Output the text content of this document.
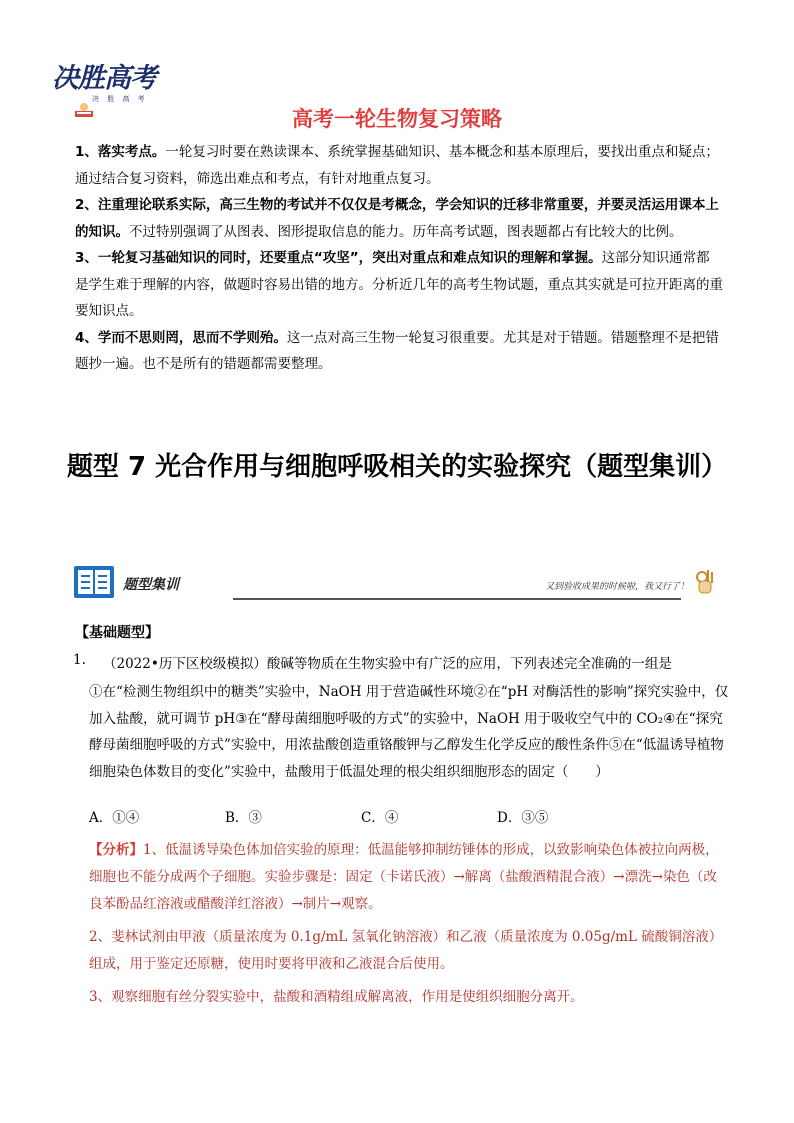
决胜高考
决 胜 高 考
高考一轮生物复习策略

1、落实考点。一轮复习时要在熟读课本、系统掌握基础知识、基本概念和基本原理后，要找出重点和疑点；通过结合复习资料，筛选出难点和考点，有针对地重点复习。

2、注重理论联系实际，高三生物的考试并不仅仅是考概念，学会知识的迁移非常重要，并要灵活运用课本上的知识。不过特别强调了从图表、图形提取信息的能力。历年高考试题，图表题都占有比较大的比例。

3、一轮复习基础知识的同时，还要重点“攻坚”，突出对重点和难点知识的理解和掌握。这部分知识通常都是学生难于理解的内容，做题时容易出错的地方。分析近几年的高考生物试题，重点其实就是可拉开距离的重要知识点。

4、学而不思则罔，思而不学则殆。这一点对高三生物一轮复习很重要。尤其是对于错题。错题整理不是把错题抄一遍。也不是所有的错题都需要整理。

题型 7 光合作用与细胞呼吸相关的实验探究（题型集训）
题型集训	又到验收成果的时候啦，我又行了！
【基础题型】
1. （2022•历下区校级模拟）酸碱等物质在生物实验中有广泛的应用，下列表述完全准确的一组是

①在“检测生物组织中的糖类”实验中，NaOH 用于营造碱性环境②在“pH 对酶活性的影响”探究实验中，仅加入盐酸，就可调节 pH③在“酵母菌细胞呼吸的方式”的实验中，NaOH 用于吸收空气中的 CO₂④在“探究酵母菌细胞呼吸的方式”实验中，用浓盐酸创造重铬酸钾与乙醇发生化学反应的酸性条件⑤在“低温诱导植物细胞染色体数目的变化”实验中，盐酸用于低温处理的根尖组织细胞形态的固定（　　）

A．①④	B．③	C．④	D．③⑤

【分析】1、低温诱导染色体加倍实验的原理：低温能够抑制纺锤体的形成，以致影响染色体被拉向两极，细胞也不能分成两个子细胞。实验步骤是：固定（卡诺氏液）→解离（盐酸酒精混合液）→漂洗→染色（改良苯酚品红溶液或醋酸洋红溶液）→制片→观察。

2、斐林试剂由甲液（质量浓度为 0.1g/mL 氢氧化钠溶液）和乙液（质量浓度为 0.05g/mL 硫酸铜溶液）组成，用于鉴定还原糖，使用时要将甲液和乙液混合后使用。

3、观察细胞有丝分裂实验中，盐酸和酒精组成解离液，作用是使组织细胞分离开。
